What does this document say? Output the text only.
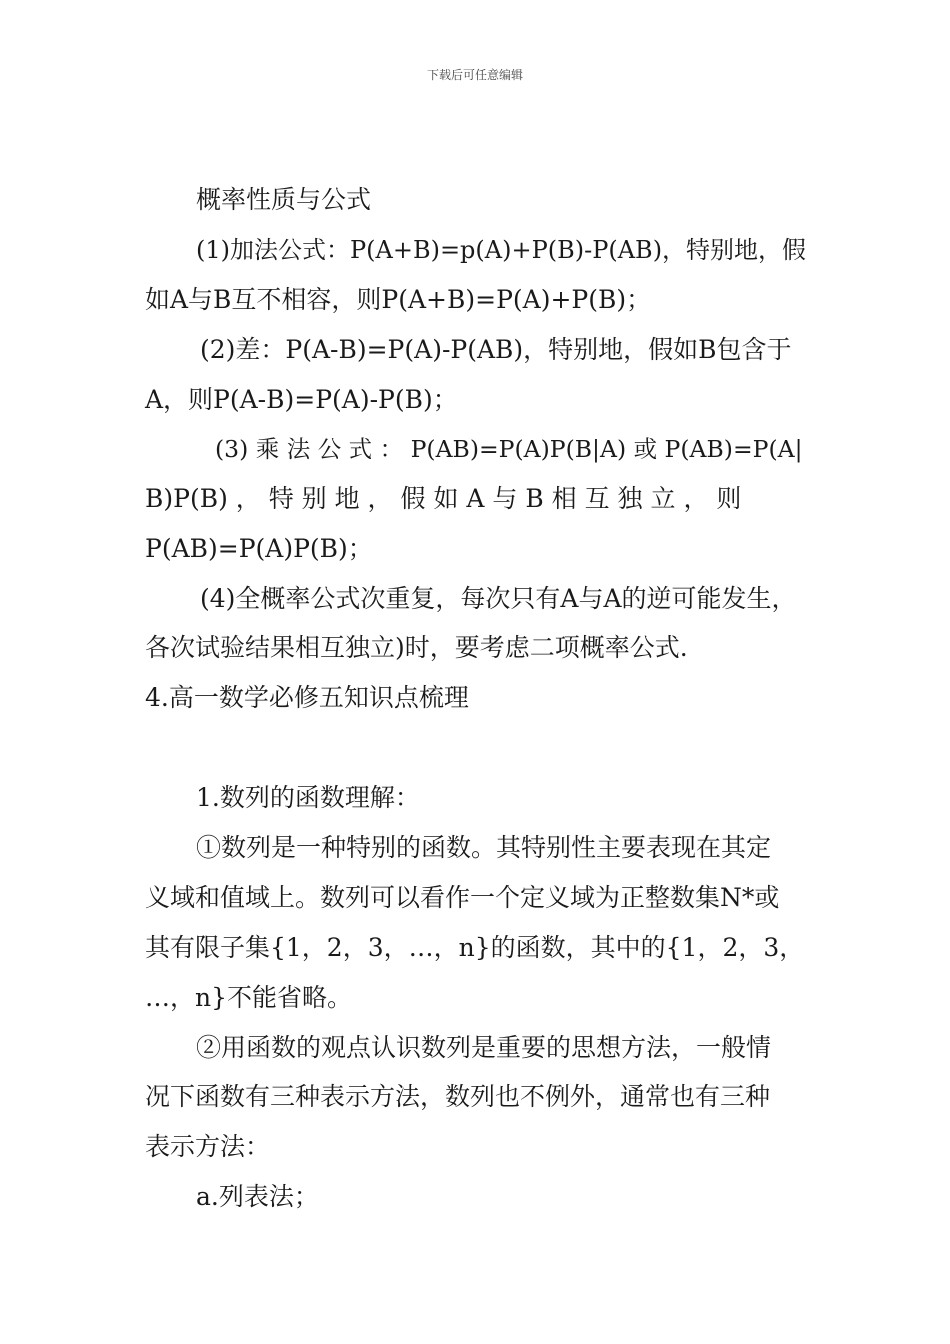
下载后可任意编辑
概率性质与公式
(1)加法公式：P(A+B)=p(A)+P(B)-P(AB)，特别地，假
如A与B互不相容，则P(A+B)=P(A)+P(B)；
(2)差：P(A-B)=P(A)-P(AB)，特别地，假如B包含于
A，则P(A-B)=P(A)-P(B)；
(3) 乘 法 公 式 ： P(AB)=P(A)P(B|A) 或 P(AB)=P(A|
B)P(B) ， 特 别 地 ， 假 如 A 与 B 相 互 独 立 ， 则
P(AB)=P(A)P(B)；
(4)全概率公式次重复，每次只有A与A的逆可能发生，
各次试验结果相互独立)时，要考虑二项概率公式.
4.高一数学必修五知识点梳理
1.数列的函数理解：
①数列是一种特别的函数。其特别性主要表现在其定
义域和值域上。数列可以看作一个定义域为正整数集N*或
其有限子集{1，2，3，…，n}的函数，其中的{1，2，3，
…，n}不能省略。
②用函数的观点认识数列是重要的思想方法，一般情
况下函数有三种表示方法，数列也不例外，通常也有三种
表示方法：
a.列表法；
